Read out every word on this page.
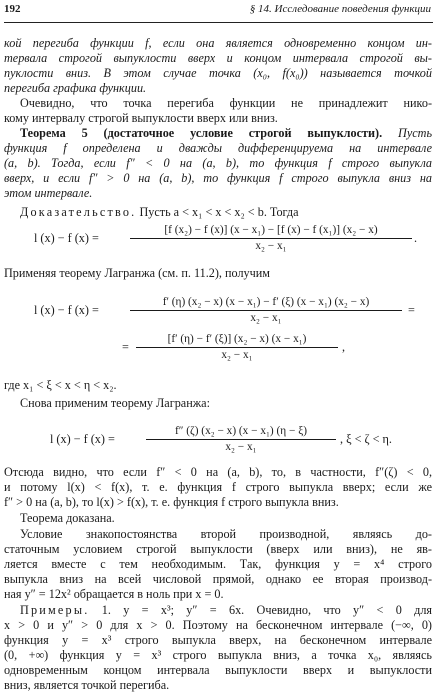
192	§ 14. Исследование поведения функции
кой перегиба функции f, если она является одновременно концом ин-
тервала строгой выпуклости вверх и концом интервала строгой вы-
пуклости вниз. В этом случае точка (x₀, f(x₀)) называется точкой
перегиба графика функции.
Очевидно, что точка перегиба функции не принадлежит нико-
кому интервалу строгой выпуклости вверх или вниз.
Теорема 5 (достаточное условие строгой выпуклости). Пусть
функция f определена и дважды дифференцируема на интервале
(a, b). Тогда, если f″ < 0 на (a, b), то функция f строго выпукла
вверх, и если f″ > 0 на (a, b), то функция f строго выпукла вниз на
этом интервале.
Доказательство. Пусть a < x₁ < x < x₂ < b. Тогда
l (x) − f (x) =
[f (x₂) − f (x)] (x − x₁) − [f (x) − f (x₁)] (x₂ − x)
x₂ − x₁
.
Применяя теорему Лагранжа (см. п. 11.2), получим
l (x) − f (x) =
f′ (η) (x₂ − x) (x − x₁) − f′ (ξ) (x − x₁) (x₂ − x)
x₂ − x₁
=
=
[f′ (η) − f′ (ξ)] (x₂ − x) (x − x₁)
x₂ − x₁
,
где x₁ < ξ < x < η < x₂.
Снова применим теорему Лагранжа:
l (x) − f (x) =
f″ (ζ) (x₂ − x) (x − x₁) (η − ξ)
x₂ − x₁
, ξ < ζ < η.
Отсюда видно, что если f″ < 0 на (a, b), то, в частности, f″(ζ) < 0,
и потому l(x) < f(x), т. е. функция f строго выпукла вверх; если же
f″ > 0 на (a, b), то l(x) > f(x), т. е. функция f строго выпукла вниз.
Теорема доказана.
Условие знакопостоянства второй производной, являясь до-
статочным условием строгой выпуклости (вверх или вниз), не яв-
ляется вместе с тем необходимым. Так, функция y = x⁴ строго
выпукла вниз на всей числовой прямой, однако ее вторая производ-
ная y″ = 12x² обращается в ноль при x = 0.
Примеры. 1. y = x³; y″ = 6x. Очевидно, что y″ < 0 для
x > 0 и y″ > 0 для x > 0. Поэтому на бесконечном интервале (−∞, 0)
функция y = x³ строго выпукла вверх, на бесконечном интервале
(0, +∞) функция y = x³ строго выпукла вниз, а точка x₀, являясь
одновременным концом интервала выпуклости вверх и выпуклости
вниз, является точкой перегиба.
